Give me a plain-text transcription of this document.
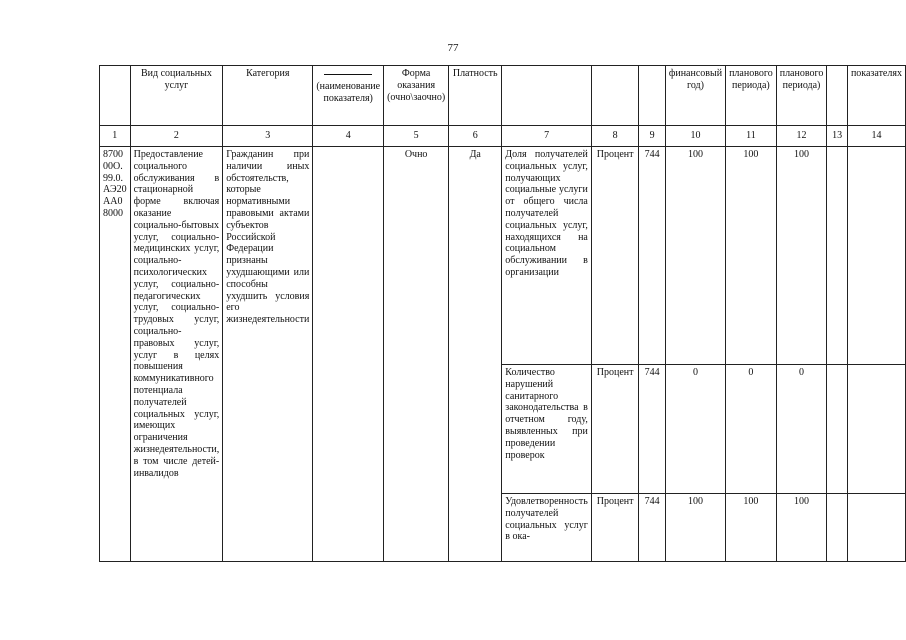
77
	Вид социальных услуг	Категория	(наименование показателя)	Форма оказания (очно\заочно)	Платность				финансовый год)	планового периода)	планового периода)		показателях
1	2	3	4	5	6	7	8	9	10	11	12	13	14
870000О.99.0.АЭ20АА08000	Предоставление социального обслуживания в стационарной форме включая оказание социально-бытовых услуг, социально-медицинских услуг, социально-психологических услуг, социально-педагогических услуг, социально-трудовых услуг, социально-правовых услуг, услуг в целях повышения коммуникативного потенциала получателей социальных услуг, имеющих ограничения жизнедеятельности, в том числе детей-инвалидов	Гражданин при наличии иных обстоятельств, которые нормативными правовыми актами субъектов Российской Федерации признаны ухудшающими или способны ухудшить условия его жизнедеятельности		Очно	Да	Доля получателей социальных услуг, получающих социальные услуги от общего числа получателей социальных услуг, находящихся на социальном обслуживании в организации	Процент	744	100	100	100		
						Количество нарушений санитарного законодательства в отчетном году, выявленных при проведении проверок	Процент	744	0	0	0		
						Удовлетворенность получателей социальных услуг в ока-	Процент	744	100	100	100		
